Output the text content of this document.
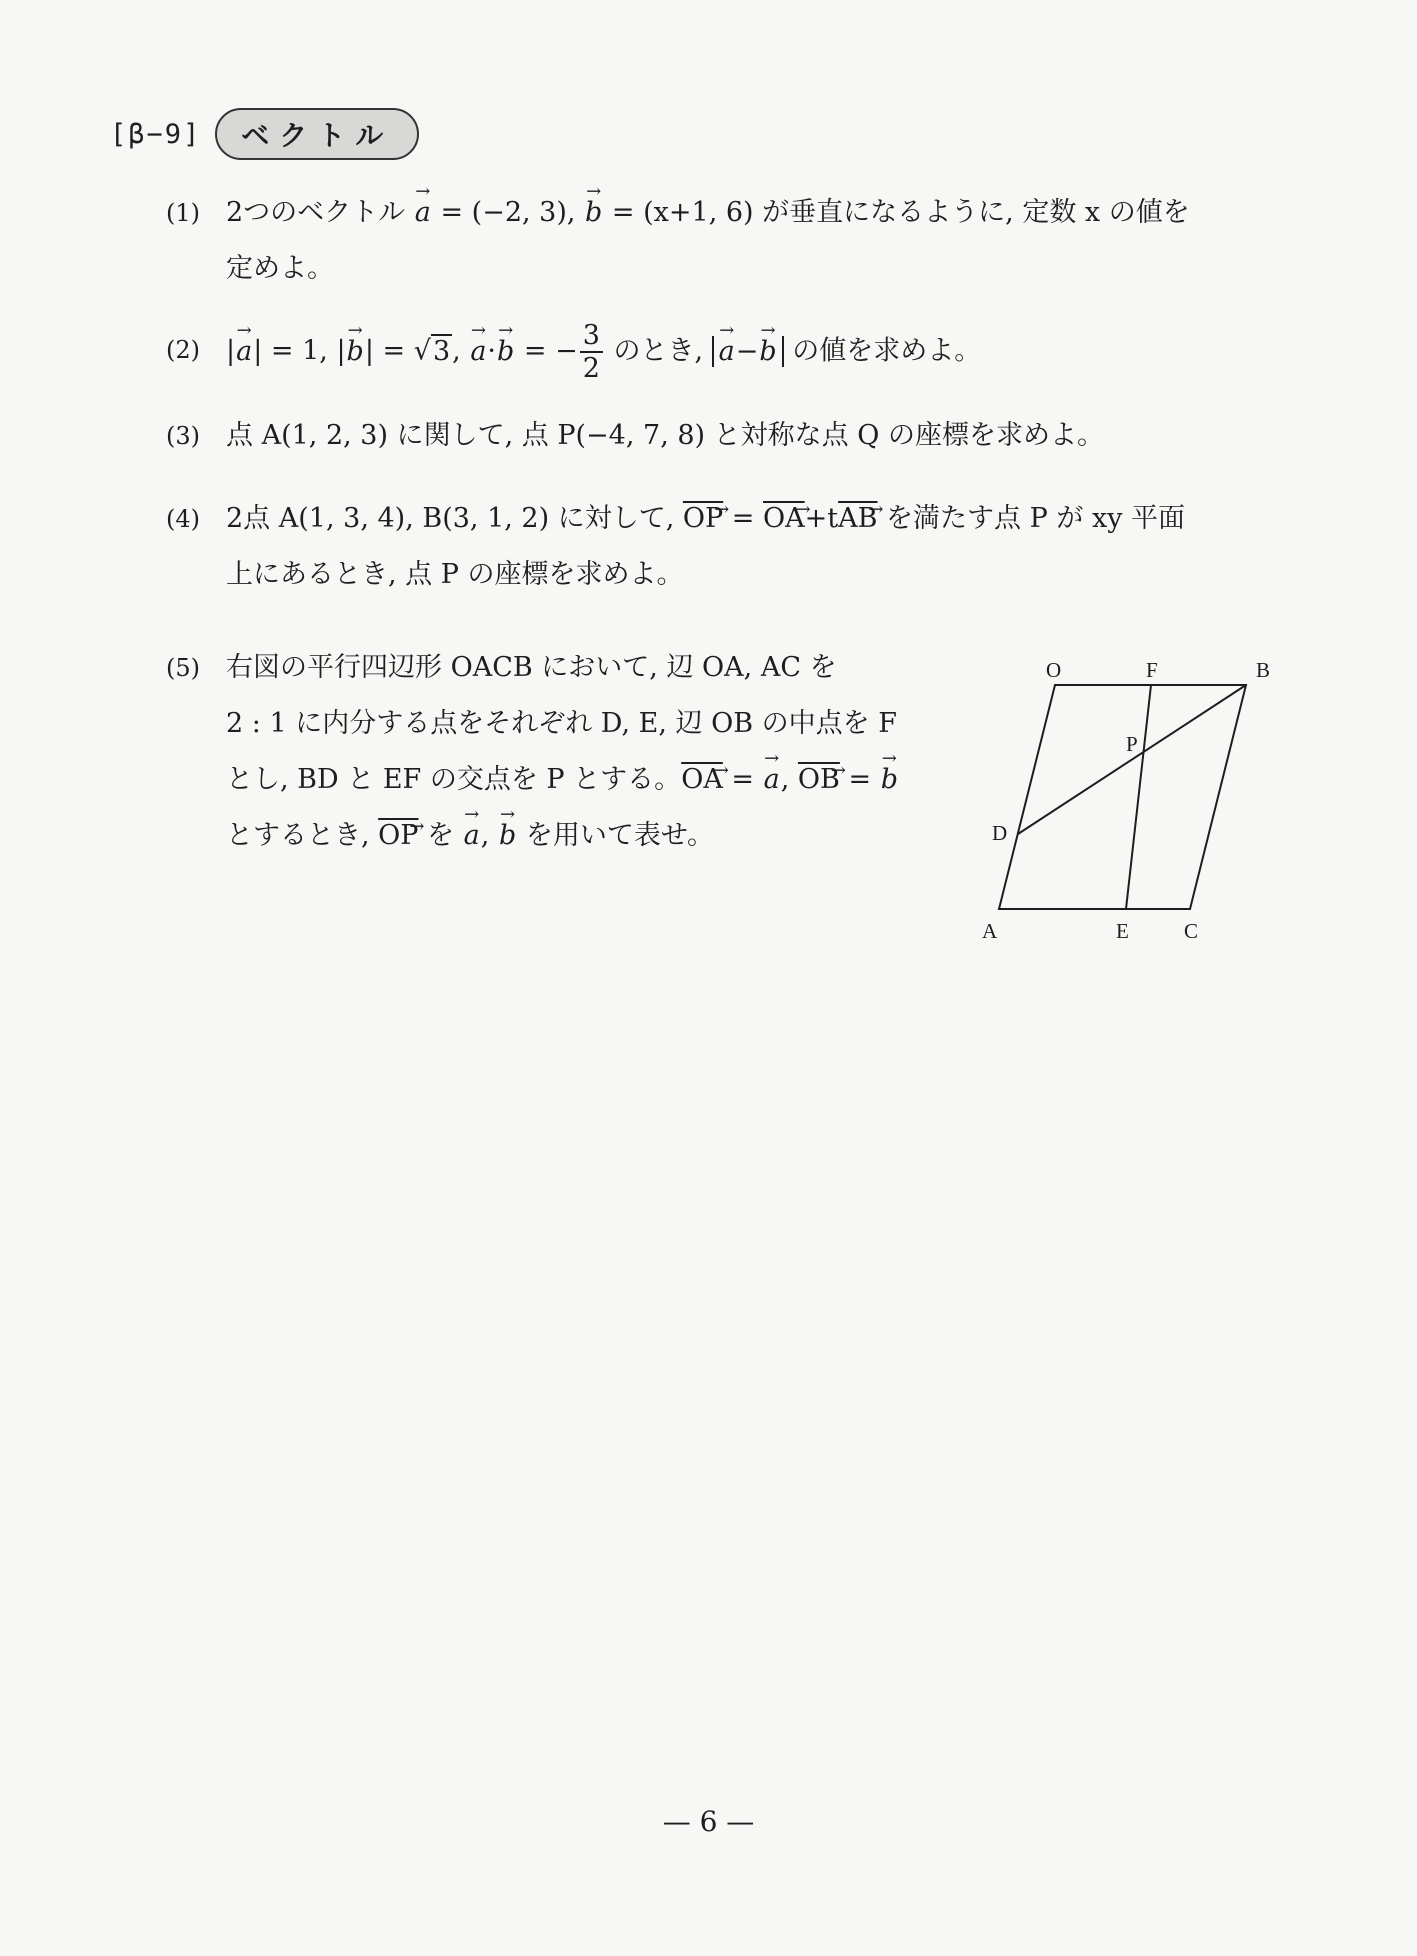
[β−9]	ベクトル
(1) 2つのベクトル → a = (−2, 3), → b = (x+1, 6) が垂直になるように, 定数 x の値を
定めよ。
(2) |→ a| = 1, |→ b| = √3, → a·→ b = − $\frac{3}{2}$ のとき, → a−→ b の値を求めよ。
(3) 点 A(1, 2, 3) に関して, 点 P(−4, 7, 8) と対称な点 Q の座標を求めよ。
(4) 2点 A(1, 3, 4), B(3, 1, 2) に対して, $\overline{OP}$ → = $\overline{OA} \to+t\overline{AB}$ → を満たす点 P が xy 平面
上にあるとき, 点 P の座標を求めよ。
(5) 右図の平行四辺形 OACB において, 辺 OA, AC を
2 : 1 に内分する点をそれぞれ D, E, 辺 OB の中点を F
とし, BD と EF の交点を P とする。$\overline{OA}$ → = → a, $\overline{OB}$ → = → b
とするとき, $\overline{OP}$ → を → a, → b を用いて表せ。
O	F	B
P
D
A	E	C
— 6 —
